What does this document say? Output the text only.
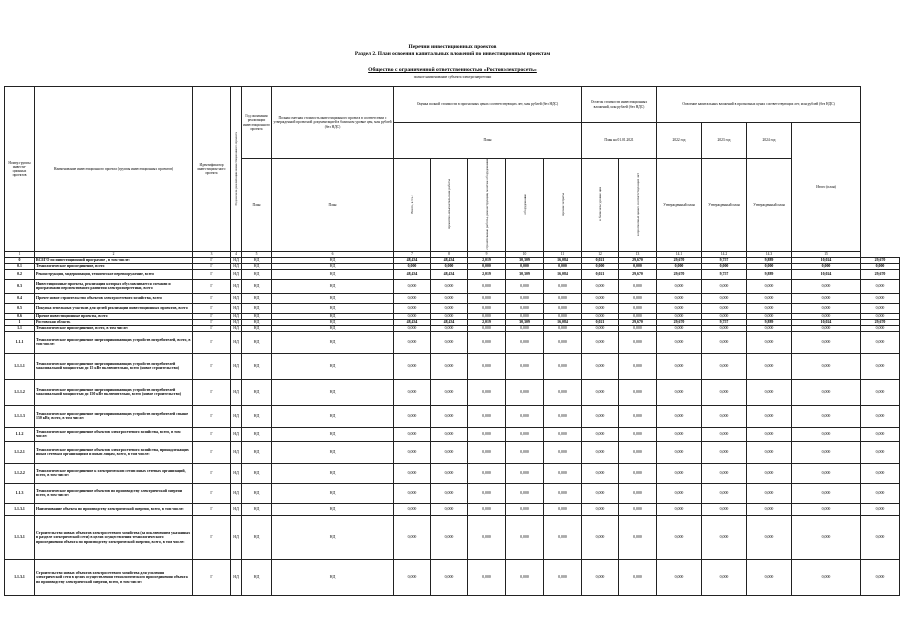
Перечни инвестиционных проектов
Раздел 2. План освоения капитальных вложений по инвестиционным проектам
Общество с ограниченной ответственностью «Ростовэлектросеть»
полное наименование субъекта электроэнергетики
Номер группы инвести-ционных проектов	Наименование инвестиционного проекта (группы инвестиционных проектов)	Идентификатор инвестицион-ного проекта	Год начала реализации инвестиционного проекта	Год окончания реализации инвестиционного проекта	Полная сметная стоимость инвестиционного проекта в соответствии с утвержденной проектной документацией в базисном уровне цен, млн рублей (без НДС)	Оценка полной стоимости в прогнозных ценах соответствующих лет, млн рублей (без НДС)					Остаток стоимости инвестиционных вложений, млн рублей (без НДС)		Освоение капитальных вложений в прогнозных ценах соответствующих лет, млн рублей (без НДС)				
						План					План на 01.01.2021		2022 год	2023 год	2024 год	Итого (план)	
				План	План	Всего, в т.ч.:	проектно-изыскательские работы	строительные работы, реконструкция, монтаж оборудования	оборудование	прочие затраты	в базисном уровне цен	в прогнозных ценах соответствующих лет	Утвержденный план	Утвержденный план	Утвержденный план		
1	2	3	4	5	6	7	8	9	10	11	12	13	14.1	14.2	14.3	15	
0	ВСЕГО по инвестиционной программе , в том числе:	Г	НД	НД	НД	48,434	48,434	2,019	30,309	16,084	0,021	29,670	29,670	9,757	9,889	10,024	29,670
0.1	Технологическое присоединение, всего	Г	НД	НД	НД	0,000	0,000	0,000	0,000	0,000	0,000	0,000	0,000	0,000	0,000	0,000	0,000
0.2	Реконструкция, модернизация, техническое перевооружение, всего	Г	НД	НД	НД	48,434	48,434	2,019	30,309	16,084	0,021	29,670	29,670	9,757	9,889	10,024	29,670
0.3	Инвестиционные проекты, реализация которых обуславливается схемами и программами перспективного развития электроэнергетики, всего	Г	НД	НД	НД	0,000	0,000	0,000	0,000	0,000	0,000	0,000	0,000	0,000	0,000	0,000	0,000
0.4	Прочее новое строительство объектов электросетевого хозяйства, всего	Г	НД	НД	НД	0,000	0,000	0,000	0,000	0,000	0,000	0,000	0,000	0,000	0,000	0,000	0,000
0.5	Покупка земельных участков для целей реализации инвестиционных проектов, всего	Г	НД	НД	НД	0,000	0,000	0,000	0,000	0,000	0,000	0,000	0,000	0,000	0,000	0,000	0,000
0.6	Прочие инвестиционные проекты, всего	Г	НД	НД	НД	0,000	0,000	0,000	0,000	0,000	0,000	0,000	0,000	0,000	0,000	0,000	0,000
1	Ростовская область	Г	НД	НД	НД	48,434	48,434	2,019	30,309	16,084	0,021	29,670	29,670	9,757	9,889	10,024	29,670
1.1	Технологическое присоединение, всего, в том числе:	Г	НД	НД	НД	0,000	0,000	0,000	0,000	0,000	0,000	0,000	0,000	0,000	0,000	0,000	0,000
1.1.1	Технологическое присоединение энергопринимающих устройств потребителей, всего, в том числе:	Г	НД	НД	НД	0,000	0,000	0,000	0,000	0,000	0,000	0,000	0,000	0,000	0,000	0,000	0,000
1.1.1.1	Технологическое присоединение энергопринимающих устройств потребителей максимальной мощностью до 15 кВт включительно, всего (новое строительство)	Г	НД	НД	НД	0,000	0,000	0,000	0,000	0,000	0,000	0,000	0,000	0,000	0,000	0,000	0,000
1.1.1.2	Технологическое присоединение энергопринимающих устройств потребителей максимальной мощностью до 150 кВт включительно, всего (новое строительство)	Г	НД	НД	НД	0,000	0,000	0,000	0,000	0,000	0,000	0,000	0,000	0,000	0,000	0,000	0,000
1.1.1.3	Технологическое присоединение энергопринимающих устройств потребителей свыше 150 кВт, всего, в том числе:	Г	НД	НД	НД	0,000	0,000	0,000	0,000	0,000	0,000	0,000	0,000	0,000	0,000	0,000	0,000
1.1.2	Технологическое присоединение объектов электросетевого хозяйства, всего, в том числе:	Г	НД	НД	НД	0,000	0,000	0,000	0,000	0,000	0,000	0,000	0,000	0,000	0,000	0,000	0,000
1.1.2.1	Технологическое присоединение объектов электросетевого хозяйства, принадлежащих иным сетевым организациям и иным лицам, всего, в том числе:	Г	НД	НД	НД	0,000	0,000	0,000	0,000	0,000	0,000	0,000	0,000	0,000	0,000	0,000	0,000
1.1.2.2	Технологическое присоединение к электрическим сетям иных сетевых организаций, всего, в том числе:	Г	НД	НД	НД	0,000	0,000	0,000	0,000	0,000	0,000	0,000	0,000	0,000	0,000	0,000	0,000
1.1.3	Технологическое присоединение объектов по производству электрической энергии всего, в том числе:	Г	НД	НД	НД	0,000	0,000	0,000	0,000	0,000	0,000	0,000	0,000	0,000	0,000	0,000	0,000
1.1.3.1	Наименование объекта по производству электрической энергии, всего, в том числе:	Г	НД	НД	НД	0,000	0,000	0,000	0,000	0,000	0,000	0,000	0,000	0,000	0,000	0,000	0,000
1.1.3.1	Строительство новых объектов электросетевого хозяйства (за исключением указанных в разделе электрической сети) в целях осуществления технологического присоединения объекта по производству электрической энергии, всего, в том числе:	Г	НД	НД	НД	0,000	0,000	0,000	0,000	0,000	0,000	0,000	0,000	0,000	0,000	0,000	0,000
1.1.3.1	Строительство новых объектов электросетевого хозяйства для усиления электрической сети в целях осуществления технологического присоединения объекта по производству электрической энергии, всего, в том числе:	Г	НД	НД	НД	0,000	0,000	0,000	0,000	0,000	0,000	0,000	0,000	0,000	0,000	0,000	0,000
